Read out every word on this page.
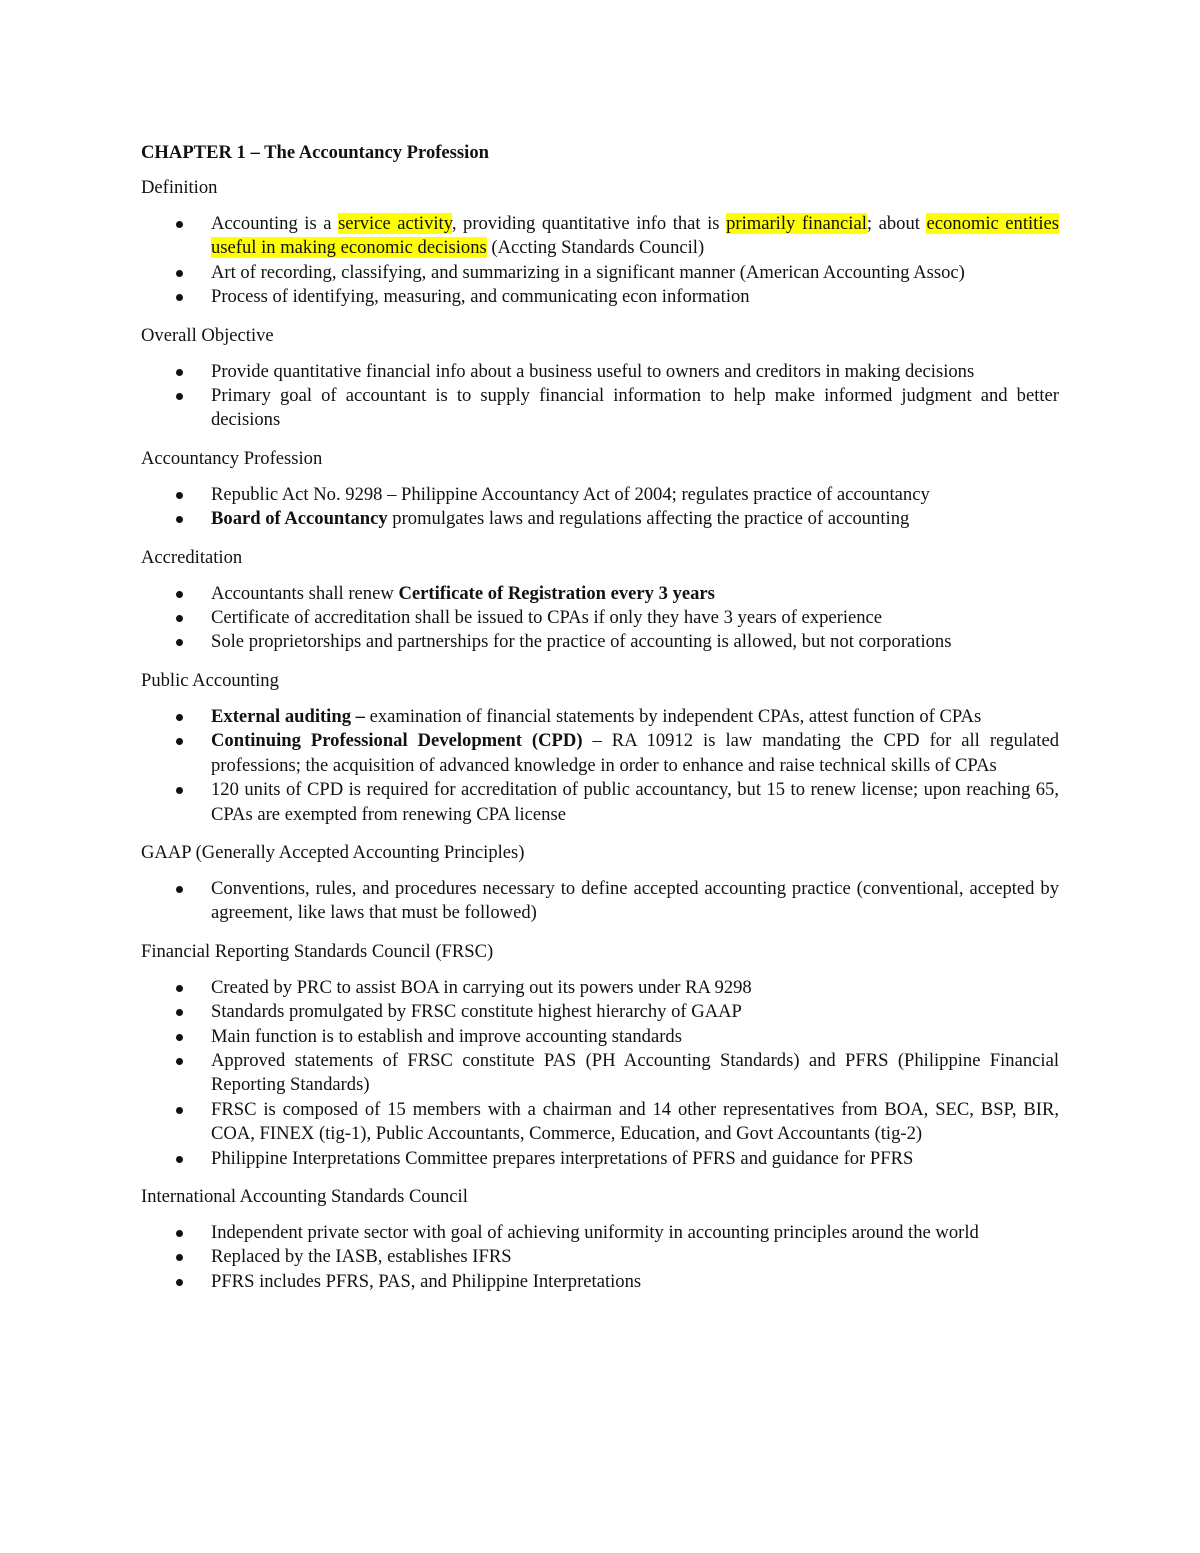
CHAPTER 1 – The Accountancy Profession
Definition
Accounting is a service activity, providing quantitative info that is primarily financial; about economic entities useful in making economic decisions (Accting Standards Council)
Art of recording, classifying, and summarizing in a significant manner (American Accounting Assoc)
Process of identifying, measuring, and communicating econ information
Overall Objective
Provide quantitative financial info about a business useful to owners and creditors in making decisions
Primary goal of accountant is to supply financial information to help make informed judgment and better decisions
Accountancy Profession
Republic Act No. 9298 – Philippine Accountancy Act of 2004; regulates practice of accountancy
Board of Accountancy promulgates laws and regulations affecting the practice of accounting
Accreditation
Accountants shall renew Certificate of Registration every 3 years
Certificate of accreditation shall be issued to CPAs if only they have 3 years of experience
Sole proprietorships and partnerships for the practice of accounting is allowed, but not corporations
Public Accounting
External auditing – examination of financial statements by independent CPAs, attest function of CPAs
Continuing Professional Development (CPD) – RA 10912 is law mandating the CPD for all regulated professions; the acquisition of advanced knowledge in order to enhance and raise technical skills of CPAs
120 units of CPD is required for accreditation of public accountancy, but 15 to renew license; upon reaching 65, CPAs are exempted from renewing CPA license
GAAP (Generally Accepted Accounting Principles)
Conventions, rules, and procedures necessary to define accepted accounting practice (conventional, accepted by agreement, like laws that must be followed)
Financial Reporting Standards Council (FRSC)
Created by PRC to assist BOA in carrying out its powers under RA 9298
Standards promulgated by FRSC constitute highest hierarchy of GAAP
Main function is to establish and improve accounting standards
Approved statements of FRSC constitute PAS (PH Accounting Standards) and PFRS (Philippine Financial Reporting Standards)
FRSC is composed of 15 members with a chairman and 14 other representatives from BOA, SEC, BSP, BIR, COA, FINEX (tig-1), Public Accountants, Commerce, Education, and Govt Accountants (tig-2)
Philippine Interpretations Committee prepares interpretations of PFRS and guidance for PFRS
International Accounting Standards Council
Independent private sector with goal of achieving uniformity in accounting principles around the world
Replaced by the IASB, establishes IFRS
PFRS includes PFRS, PAS, and Philippine Interpretations
